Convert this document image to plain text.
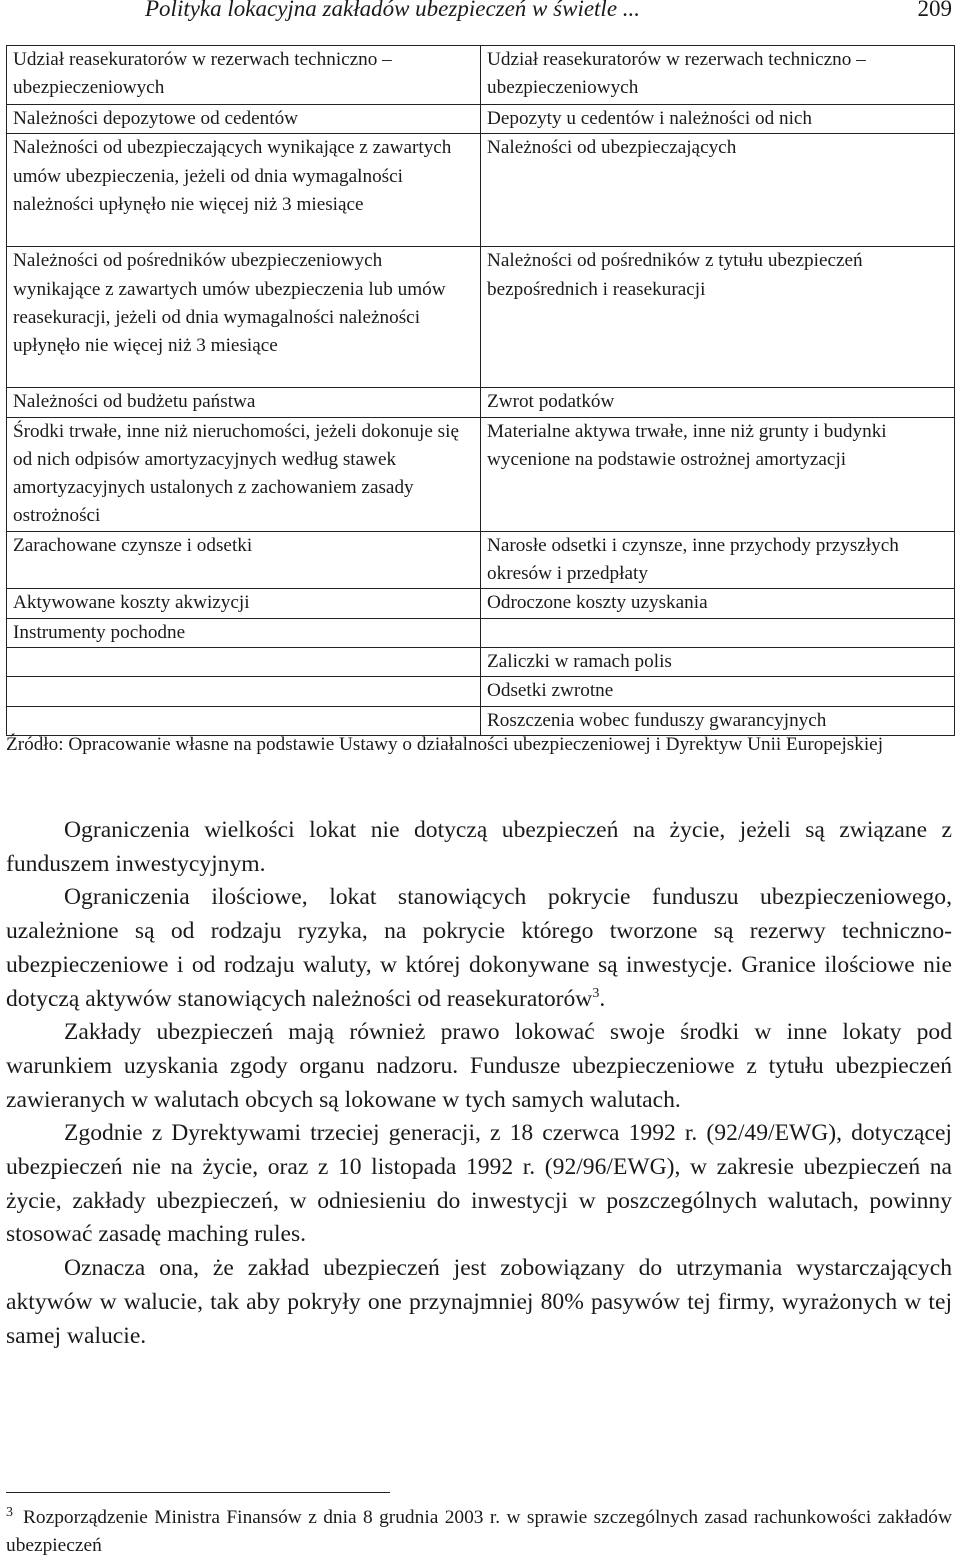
Polityka lokacyjna zakładów ubezpieczeń w świetle ...	209
Udział reasekuratorów w rezerwach techniczno – ubezpieczeniowych	Udział reasekuratorów w rezerwach techniczno – ubezpieczeniowych
Należności depozytowe od cedentów	Depozyty u cedentów i należności od nich
Należności od ubezpieczających wynikające z zawartych umów ubezpieczenia, jeżeli od dnia wymagalności należności upłynęło nie więcej niż 3 miesiące	Należności od ubezpieczających
Należności od pośredników ubezpieczeniowych wynikające z zawartych umów ubezpieczenia lub umów reasekuracji, jeżeli od dnia wymagalności należności upłynęło nie więcej niż 3 miesiące	Należności od pośredników z tytułu ubezpieczeń bezpośrednich i reasekuracji
Należności od budżetu państwa	Zwrot podatków
Środki trwałe, inne niż nieruchomości, jeżeli dokonuje się od nich odpisów amortyzacyjnych według stawek amortyzacyjnych ustalonych z zachowaniem zasady ostrożności	Materialne aktywa trwałe, inne niż grunty i budynki wycenione na podstawie ostrożnej amortyzacji
Zarachowane czynsze i odsetki	Narosłe odsetki i czynsze, inne przychody przyszłych okresów i przedpłaty
Aktywowane koszty akwizycji	Odroczone koszty uzyskania
Instrumenty pochodne	
	Zaliczki w ramach polis
	Odsetki zwrotne
	Roszczenia wobec funduszy gwarancyjnych
Źródło: Opracowanie własne na podstawie Ustawy o działalności ubezpieczeniowej i Dyrektyw Unii Europejskiej

Ograniczenia wielkości lokat nie dotyczą ubezpieczeń na życie, jeżeli są związane z funduszem inwestycyjnym.

Ograniczenia ilościowe, lokat stanowiących pokrycie funduszu ubezpieczeniowego, uzależnione są od rodzaju ryzyka, na pokrycie którego tworzone są rezerwy techniczno-ubezpieczeniowe i od rodzaju waluty, w której dokonywane są inwestycje. Granice ilościowe nie dotyczą aktywów stanowiących należności od reasekuratorów$^3$.

Zakłady ubezpieczeń mają również prawo lokować swoje środki w inne lokaty pod warunkiem uzyskania zgody organu nadzoru. Fundusze ubezpieczeniowe z tytułu ubezpieczeń zawieranych w walutach obcych są lokowane w tych samych walutach.

Zgodnie z Dyrektywami trzeciej generacji, z 18 czerwca 1992 r. (92/49/EWG), dotyczącej ubezpieczeń nie na życie, oraz z 10 listopada 1992 r. (92/96/EWG), w zakresie ubezpieczeń na życie, zakłady ubezpieczeń, w odniesieniu do inwestycji w poszczególnych walutach, powinny stosować zasadę maching rules.

Oznacza ona, że zakład ubezpieczeń jest zobowiązany do utrzymania wystarczających aktywów w walucie, tak aby pokryły one przynajmniej 80% pasywów tej firmy, wyrażonych w tej samej walucie.

$^3$ Rozporządzenie Ministra Finansów z dnia 8 grudnia 2003 r. w sprawie szczególnych zasad rachunkowości zakładów ubezpieczeń
